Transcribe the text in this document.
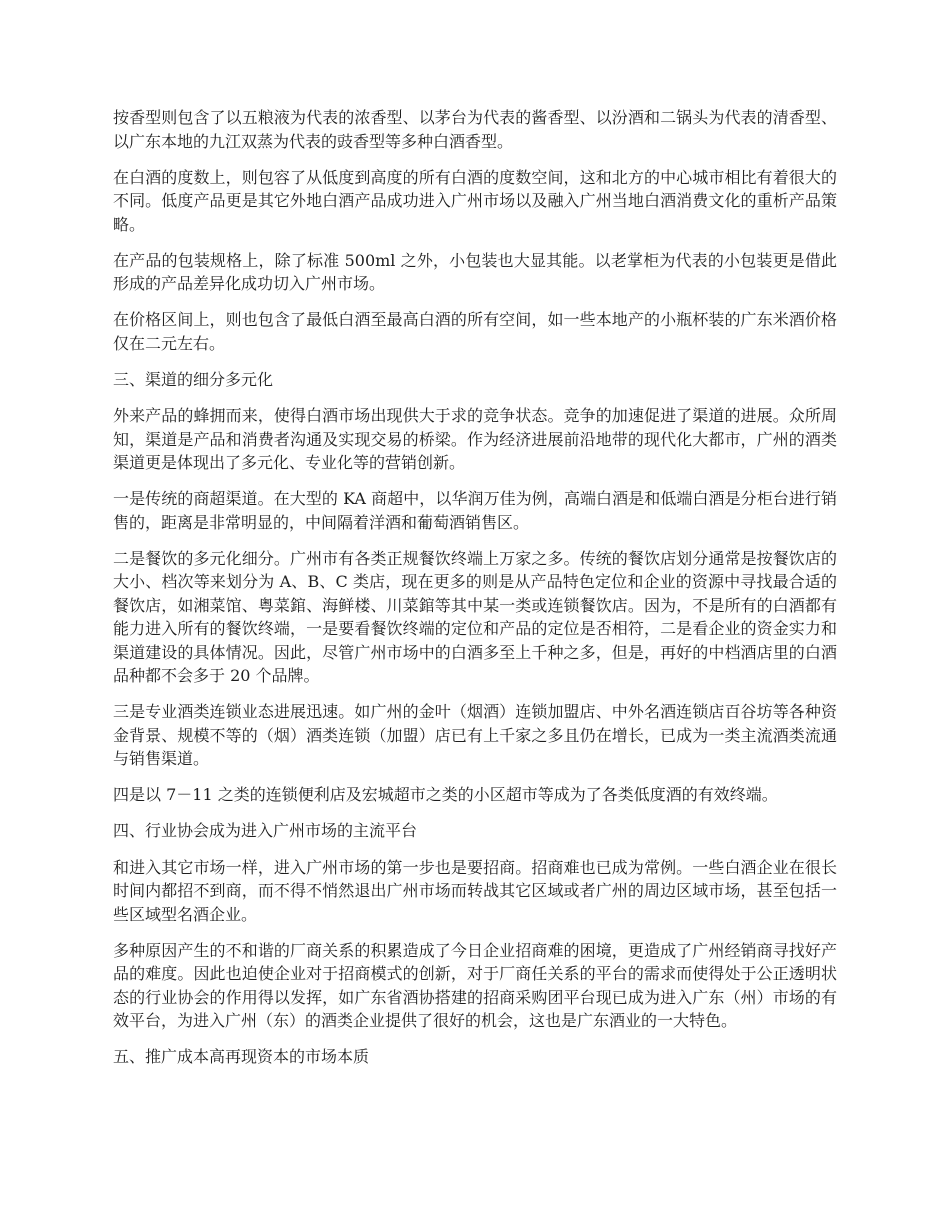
按香型则包含了以五粮液为代表的浓香型、以茅台为代表的酱香型、以汾酒和二锅头为代表的清香型、以广东本地的九江双蒸为代表的豉香型等多种白酒香型。

在白酒的度数上，则包容了从低度到高度的所有白酒的度数空间，这和北方的中心城市相比有着很大的不同。低度产品更是其它外地白酒产品成功进入广州市场以及融入广州当地白酒消费文化的重析产品策略。

在产品的包装规格上，除了标准 500ml 之外，小包装也大显其能。以老掌柜为代表的小包装更是借此形成的产品差异化成功切入广州市场。

在价格区间上，则也包含了最低白酒至最高白酒的所有空间，如一些本地产的小瓶杯装的广东米酒价格仅在二元左右。

三、渠道的细分多元化

外来产品的蜂拥而来，使得白酒市场出现供大于求的竞争状态。竞争的加速促进了渠道的进展。众所周知，渠道是产品和消费者沟通及实现交易的桥梁。作为经济进展前沿地带的现代化大都市，广州的酒类渠道更是体现出了多元化、专业化等的营销创新。

一是传统的商超渠道。在大型的 KA 商超中，以华润万佳为例，高端白酒是和低端白酒是分柜台进行销售的，距离是非常明显的，中间隔着洋酒和葡萄酒销售区。

二是餐饮的多元化细分。广州市有各类正规餐饮终端上万家之多。传统的餐饮店划分通常是按餐饮店的大小、档次等来划分为 A、B、C 类店，现在更多的则是从产品特色定位和企业的资源中寻找最合适的餐饮店，如湘菜馆、粤菜錧、海鲜楼、川菜錧等其中某一类或连锁餐饮店。因为，不是所有的白酒都有能力进入所有的餐饮终端，一是要看餐饮终端的定位和产品的定位是否相符，二是看企业的资金实力和渠道建设的具体情况。因此，尽管广州市场中的白酒多至上千种之多，但是，再好的中档酒店里的白酒品种都不会多于 20 个品牌。

三是专业酒类连锁业态进展迅速。如广州的金叶（烟酒）连锁加盟店、中外名酒连锁店百谷坊等各种资金背景、规模不等的（烟）酒类连锁（加盟）店已有上千家之多且仍在增长，已成为一类主流酒类流通与销售渠道。

四是以 7－11 之类的连锁便利店及宏城超市之类的小区超市等成为了各类低度酒的有效终端。

四、行业协会成为进入广州市场的主流平台

和进入其它市场一样，进入广州市场的第一步也是要招商。招商难也已成为常例。一些白酒企业在很长时间内都招不到商，而不得不悄然退出广州市场而转战其它区域或者广州的周边区域市场，甚至包括一些区域型名酒企业。

多种原因产生的不和谐的厂商关系的积累造成了今日企业招商难的困境，更造成了广州经销商寻找好产品的难度。因此也迫使企业对于招商模式的创新，对于厂商任关系的平台的需求而使得处于公正透明状态的行业协会的作用得以发挥，如广东省酒协搭建的招商采购团平台现已成为进入广东（州）市场的有效平台，为进入广州（东）的酒类企业提供了很好的机会，这也是广东酒业的一大特色。

五、推广成本高再现资本的市场本质
